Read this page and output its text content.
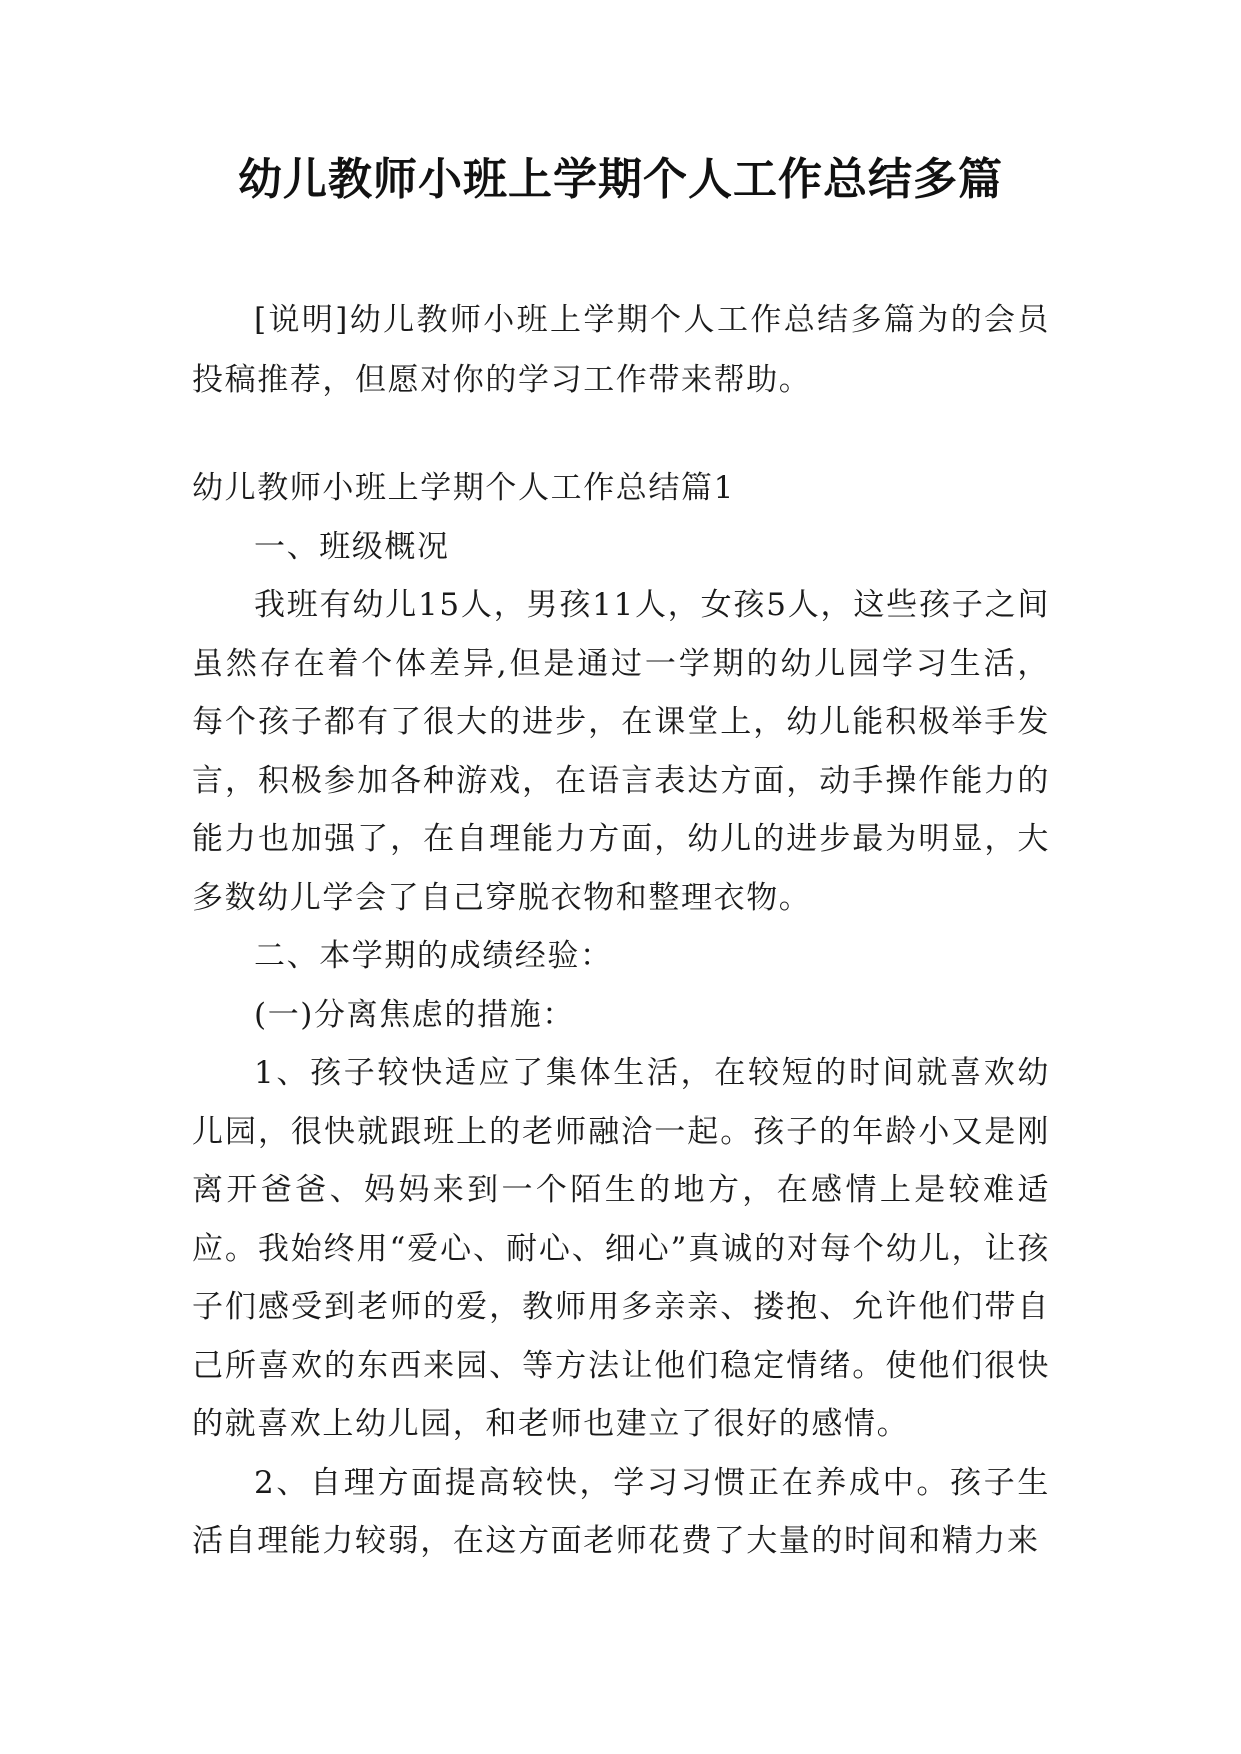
幼儿教师小班上学期个人工作总结多篇

[说明]幼儿教师小班上学期个人工作总结多篇为的会员投稿推荐，但愿对你的学习工作带来帮助。

幼儿教师小班上学期个人工作总结篇1

一、班级概况

我班有幼儿15人，男孩11人，女孩5人，这些孩子之间虽然存在着个体差异,但是通过一学期的幼儿园学习生活，每个孩子都有了很大的进步，在课堂上，幼儿能积极举手发言，积极参加各种游戏，在语言表达方面，动手操作能力的能力也加强了，在自理能力方面，幼儿的进步最为明显，大多数幼儿学会了自己穿脱衣物和整理衣物。

二、本学期的成绩经验：

(一)分离焦虑的措施：

1、孩子较快适应了集体生活，在较短的时间就喜欢幼儿园，很快就跟班上的老师融洽一起。孩子的年龄小又是刚离开爸爸、妈妈来到一个陌生的地方，在感情上是较难适应。我始终用“爱心、耐心、细心”真诚的对每个幼儿，让孩子们感受到老师的爱，教师用多亲亲、搂抱、允许他们带自己所喜欢的东西来园、等方法让他们稳定情绪。使他们很快的就喜欢上幼儿园，和老师也建立了很好的感情。

2、自理方面提高较快，学习习惯正在养成中。孩子生活自理能力较弱，在这方面老师花费了大量的时间和精力来
